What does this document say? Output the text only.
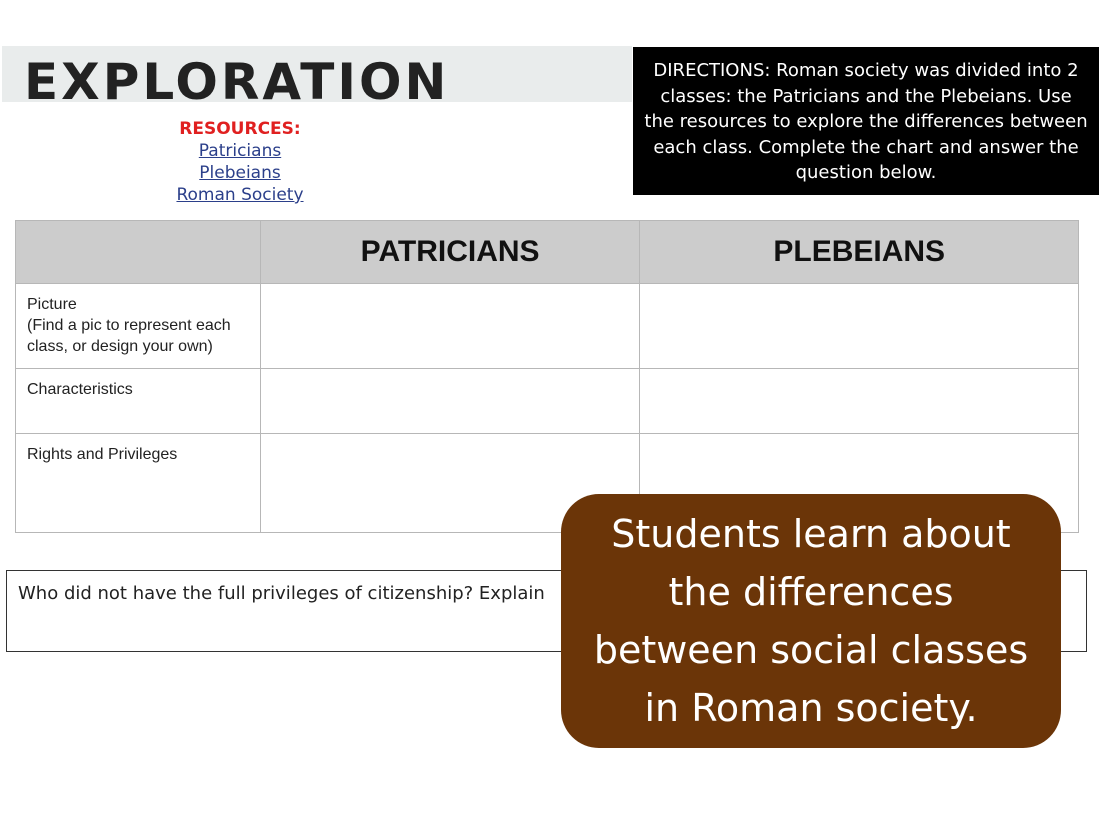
EXPLORATION
RESOURCES:
Patricians
Plebeians
Roman Society
DIRECTIONS: Roman society was divided into 2 classes: the Patricians and the Plebeians. Use the resources to explore the differences between each class. Complete the chart and answer the question below.
	PATRICIANS	PLEBEIANS
Picture
(Find a pic to represent each class, or design your own)		
Characteristics		
Rights and Privileges		
Who did not have the full privileges of citizenship? Explain
Students learn about the differences between social classes in Roman society.
